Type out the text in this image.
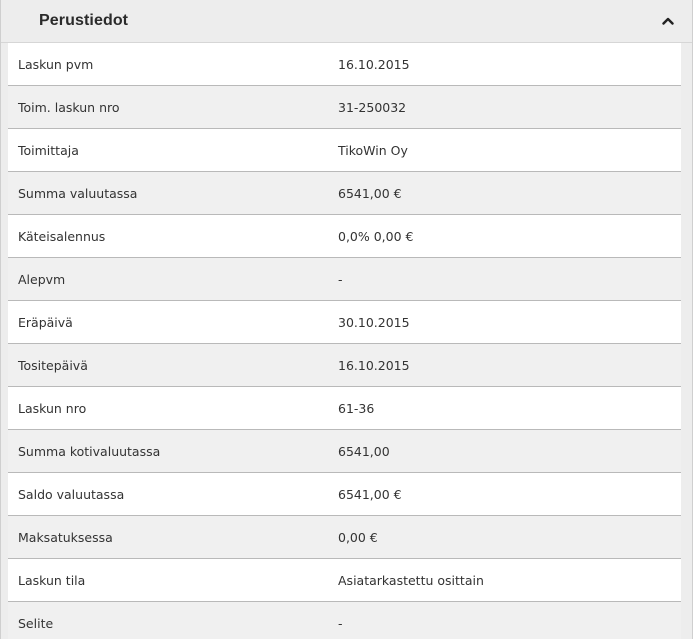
Perustiedot
Laskun pvm	16.10.2015
Toim. laskun nro	31-250032
Toimittaja	TikoWin Oy
Summa valuutassa	6541,00 €
Käteisalennus	0,0% 0,00 €
Alepvm	-
Eräpäivä	30.10.2015
Tositepäivä	16.10.2015
Laskun nro	61-36
Summa kotivaluutassa	6541,00
Saldo valuutassa	6541,00 €
Maksatuksessa	0,00 €
Laskun tila	Asiatarkastettu osittain
Selite	-
